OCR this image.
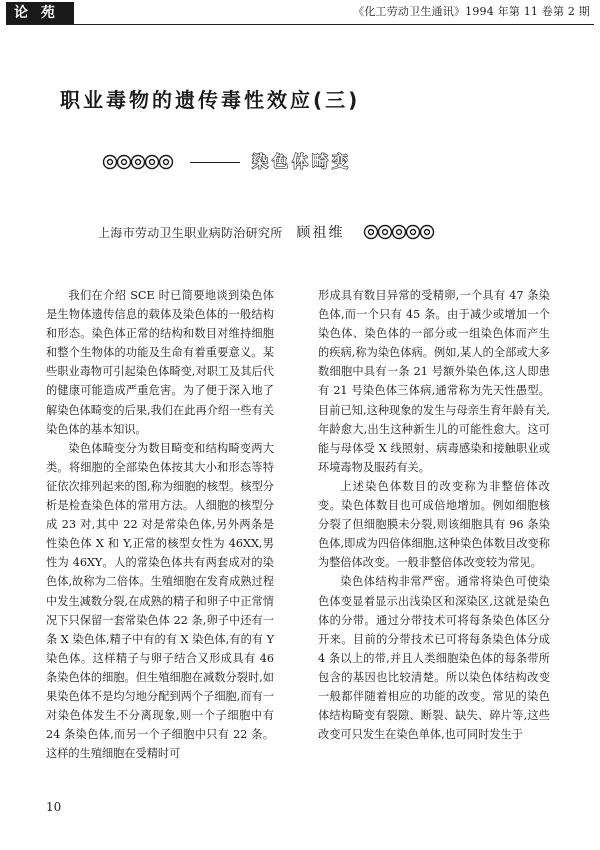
论 苑	《化工劳动卫生通讯》1994 年第 11 卷第 2 期
职业毒物的遗传毒性效应(三)
染色体畸变
上海市劳动卫生职业病防治研究所 顾祖维

我们在介绍 SCE 时已简要地谈到染色体是生物体遗传信息的载体及染色体的一般结构和形态。染色体正常的结构和数目对维持细胞和整个生物体的功能及生命有着重要意义。某些职业毒物可引起染色体畸变,对职工及其后代的健康可能造成严重危害。为了便于深入地了解染色体畸变的后果,我们在此再介绍一些有关染色体的基本知识。

染色体畸变分为数目畸变和结构畸变两大类。将细胞的全部染色体按其大小和形态等特征依次排列起来的图,称为细胞的核型。核型分析是检查染色体的常用方法。人细胞的核型分成 23 对,其中 22 对是常染色体,另外两条是性染色体 X 和 Y,正常的核型女性为 46XX,男性为 46XY。人的常染色体共有两套成对的染色体,故称为二倍体。生殖细胞在发育成熟过程中发生减数分裂,在成熟的精子和卵子中正常情况下只保留一套常染色体 22 条,卵子中还有一条 X 染色体,精子中有的有 X 染色体,有的有 Y 染色体。这样精子与卵子结合又形成具有 46 条染色体的细胞。但生殖细胞在减数分裂时,如果染色体不是均匀地分配到两个子细胞,而有一对染色体发生不分离现象,则一个子细胞中有 24 条染色体,而另一个子细胞中只有 22 条。这样的生殖细胞在受精时可

形成具有数目异常的受精卵,一个具有 47 条染色体,而一个只有 45 条。由于减少或增加一个染色体、染色体的一部分或一组染色体而产生的疾病,称为染色体病。例如,某人的全部或大多数细胞中具有一条 21 号额外染色体,这人即患有 21 号染色体三体病,通常称为先天性愚型。目前已知,这种现象的发生与母亲生育年龄有关,年龄愈大,出生这种新生儿的可能性愈大。这可能与母体受 X 线照射、病毒感染和接触职业或环境毒物及服药有关。

上述染色体数目的改变称为非整倍体改变。染色体数目也可成倍地增加。例如细胞核分裂了但细胞膜未分裂,则该细胞具有 96 条染色体,即成为四倍体细胞,这种染色体数目改变称为整倍体改变。一般非整倍体改变较为常见。

染色体结构非常严密。通常将染色可使染色体变显着显示出浅染区和深染区,这就是染色体的分带。通过分带技术可将每条染色体区分开来。目前的分带技术已可将每条染色体分成 4 条以上的带,并且人类细胞染色体的每条带所包含的基因也比较清楚。所以染色体结构改变一般都伴随着相应的功能的改变。常见的染色体结构畸变有裂隙、断裂、缺失、碎片等,这些改变可只发生在染色单体,也可同时发生于

10
